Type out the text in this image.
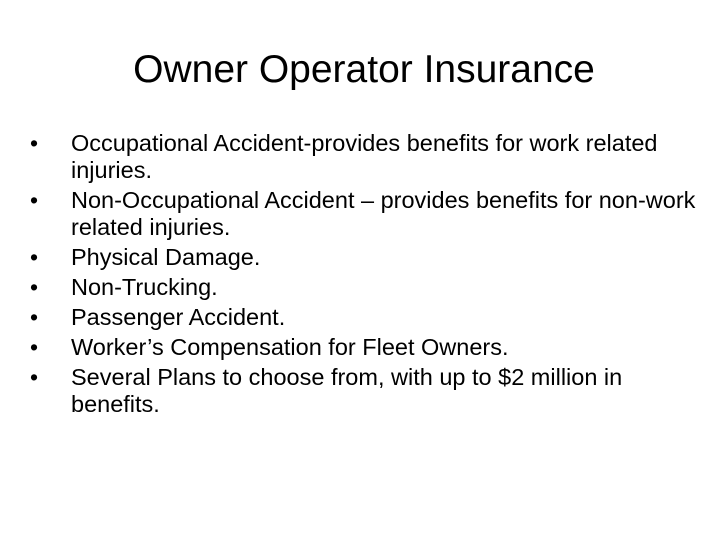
Owner Operator Insurance
• Occupational Accident-provides benefits for work related injuries.
• Non-Occupational Accident – provides benefits for non-work related injuries.
• Physical Damage.
• Non-Trucking.
• Passenger Accident.
• Worker’s Compensation for Fleet Owners.
• Several Plans to choose from, with up to $2 million in benefits.
